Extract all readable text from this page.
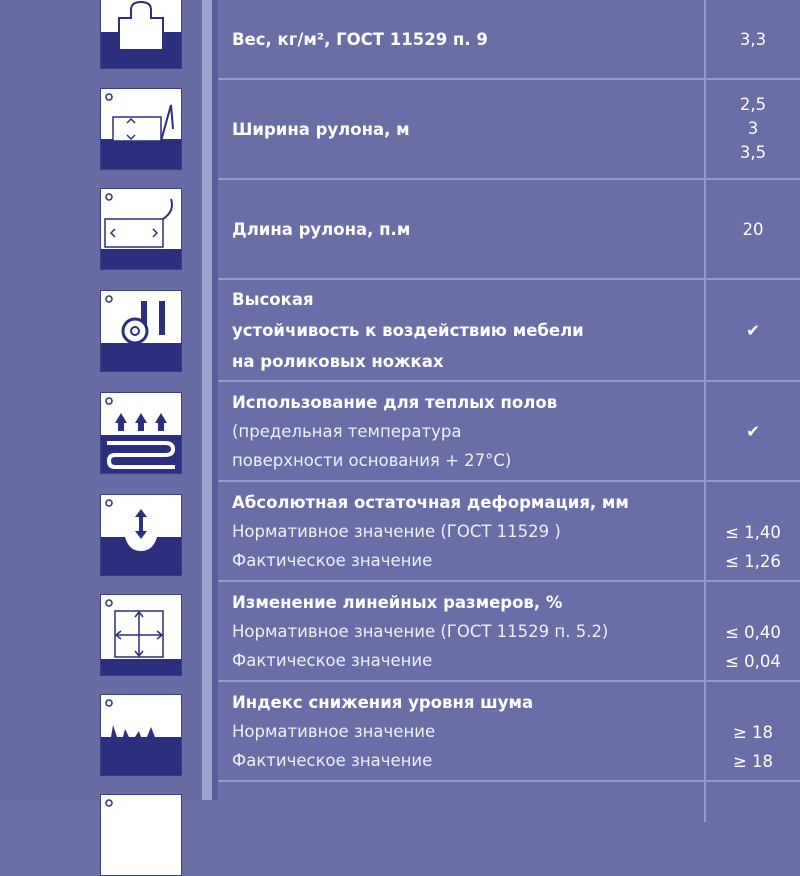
Вес, кг/м², ГОСТ 11529 п. 9	3,3
Ширина рулона, м
2,5
3
3,5
Длина рулона, п.м	20
Высокая
устойчивость к воздействию мебели
на роликовых ножках
✔
Использование для теплых полов
(предельная температура
поверхности основания + 27°С)
✔
Абсолютная остаточная деформация, мм
Нормативное значение (ГОСТ 11529 )
Фактическое значение
≤ 1,40
≤ 1,26
Изменение линейных размеров, %
Нормативное значение (ГОСТ 11529 п. 5.2)
Фактическое значение
≤ 0,40
≤ 0,04
Индекс снижения уровня шума
Нормативное значение
Фактическое значение
≥ 18
≥ 18
